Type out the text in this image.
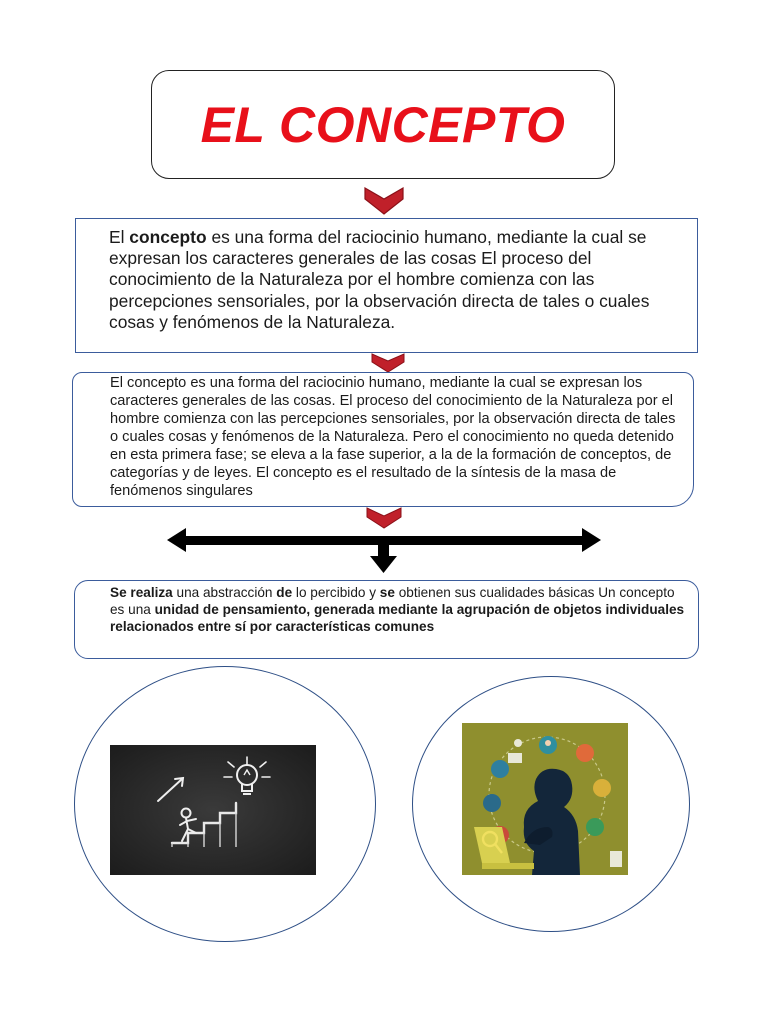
EL CONCEPTO
El concepto es una forma del raciocinio humano, mediante la cual se expresan los caracteres generales de las cosas El proceso del conocimiento de la Naturaleza por el hombre comienza con las percepciones sensoriales, por la observación directa de tales o cuales cosas y fenómenos de la Naturaleza.
El concepto es una forma del raciocinio humano, mediante la cual se expresan los caracteres generales de las cosas. El proceso del conocimiento de la Naturaleza por el hombre comienza con las percepciones sensoriales, por la observación directa de tales o cuales cosas y fenómenos de la Naturaleza. Pero el conocimiento no queda detenido en esta primera fase; se eleva a la fase superior, a la de la formación de conceptos, de categorías y de leyes. El concepto es el resultado de la síntesis de la masa de fenómenos singulares
Se realiza una abstracción de lo percibido y se obtienen sus cualidades básicas Un concepto es una unidad de pensamiento, generada mediante la agrupación de objetos individuales relacionados entre sí por características comunes
